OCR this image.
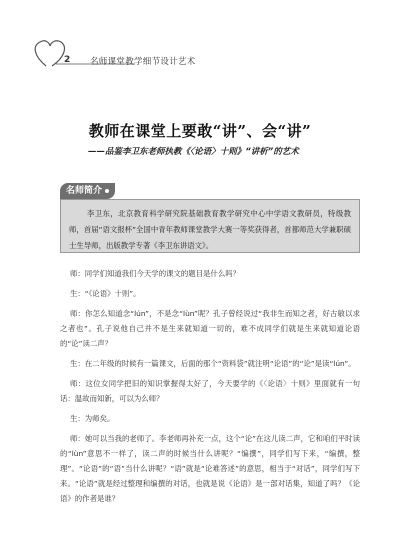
2 名师课堂教学细节设计艺术
教师在课堂上要敢“讲”、会“讲”
——品鉴李卫东老师执教《〈论语〉十则》“讲析”的艺术
名师简介
李卫东，北京教育科学研究院基础教育教学研究中心中学语文教研员，特级教师，首届“语文报杯”全国中青年教师课堂教学大赛一等奖获得者，首都师范大学兼职硕士生导师，出版教学专著《李卫东讲语文》。

师：同学们知道我们今天学的课文的题目是什么吗？

生：“《论语》十则”。

师：你怎么知道念“lún”，不是念“lùn”呢？孔子曾经说过“我非生而知之者，好古敏以求之者也”。孔子说他自己并不是生来就知道一切的，难不成同学们就是生来就知道论语的“论”读二声？

生：在二年级的时候有一篇课文，后面的那个“资料袋”就注明“论语”的“论”是读“lún”。

师：这位女同学把旧的知识掌握得太好了，今天要学的《〈论语〉十则》里面就有一句话：温故而知新，可以为么师？

生：为师矣。

师：她可以当我的老师了。李老师再补充一点，这个“论”在这儿读二声，它和咱们平时读的“lùn”意思不一样了，读二声的时候当什么讲呢？“编撰”，同学们写下来，“编撰，整理”。“论语”的“语”当什么讲呢？“语”就是“论难答述”的意思，相当于“对话”，同学们写下来。“论语”就是经过整理和编撰的对话，也就是说《论语》是一部对话集，知道了吗？《论语》的作者是谁？
